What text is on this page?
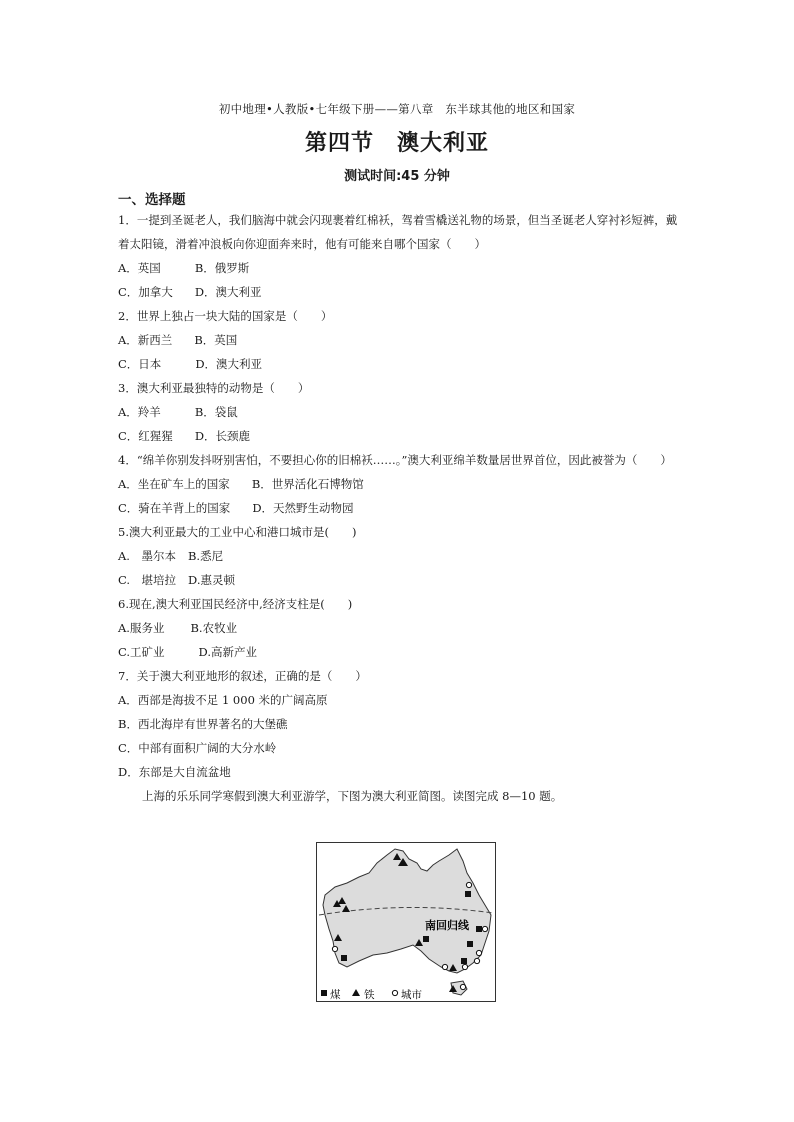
初中地理•人教版•七年级下册——第八章　东半球其他的地区和国家
第四节　澳大利亚
测试时间:45 分钟
一、选择题
1．一提到圣诞老人，我们脑海中就会闪现裹着红棉袄，驾着雪橇送礼物的场景，但当圣诞老人穿衬衫短裤，戴着太阳镜，滑着冲浪板向你迎面奔来时，他有可能来自哪个国家（　　）
A．英国	B．俄罗斯
C．加拿大 D．澳大利亚
2．世界上独占一块大陆的国家是（　　）
A．新西兰 B．英国
C．日本	D．澳大利亚
3．澳大利亚最独特的动物是（　　）
A．羚羊	B．袋鼠
C．红猩猩 D．长颈鹿
4．“绵羊你别发抖呀别害怕，不要担心你的旧棉袄……。”澳大利亚绵羊数量居世界首位，因此被誉为（　　）
A．坐在矿车上的国家 B．世界活化石博物馆
C．骑在羊背上的国家 D．天然野生动物园
5.澳大利亚最大的工业中心和港口城市是(　　)
A.　墨尔本 B.悉尼
C.　堪培拉 D.惠灵顿
6.现在,澳大利亚国民经济中,经济支柱是(　　)
A.服务业 B.农牧业
C.工矿业	D.高新产业
7．关于澳大利亚地形的叙述，正确的是（　　）
A．西部是海拔不足 1 000 米的广阔高原
B．西北海岸有世界著名的大堡礁
C．中部有面积广阔的大分水岭
D．东部是大自流盆地
上海的乐乐同学寒假到澳大利亚游学，下图为澳大利亚简图。读图完成 8—10 题。
南回归线
煤 铁	城市
